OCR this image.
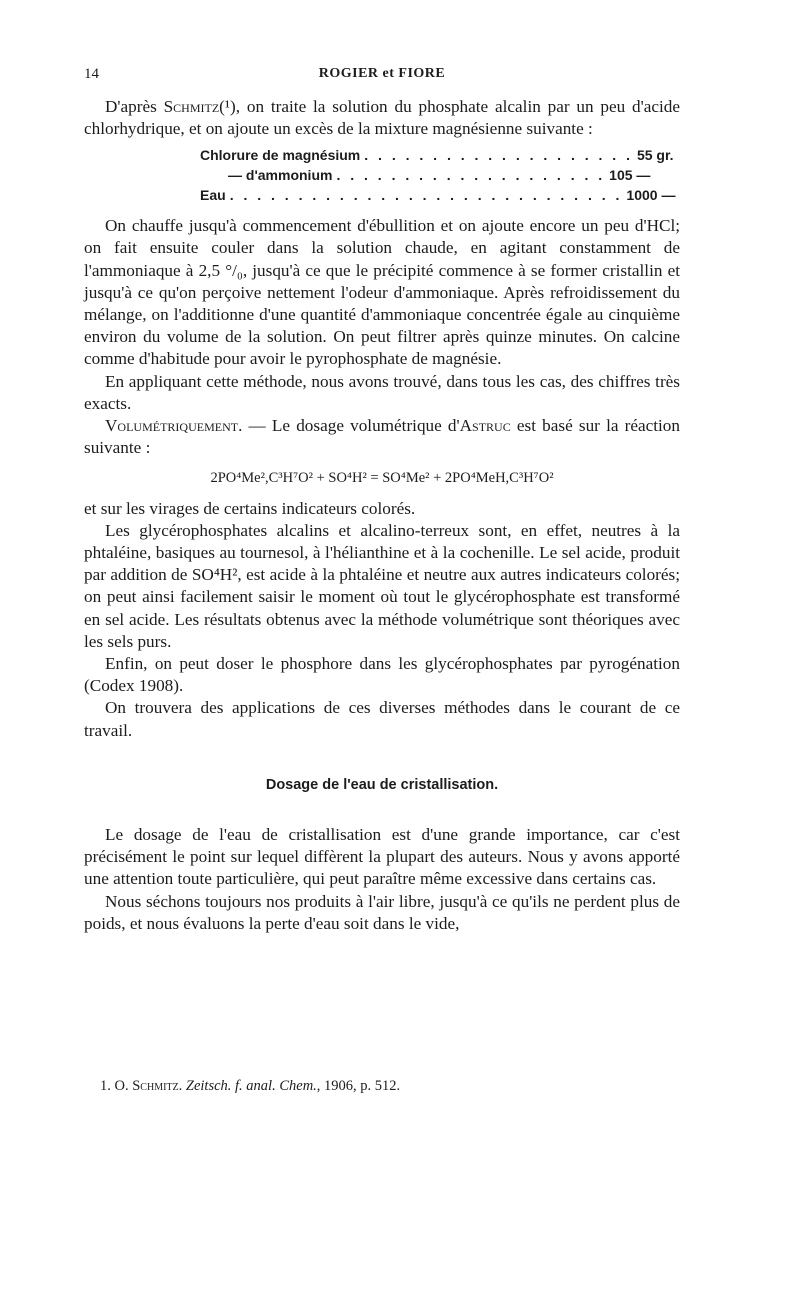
14	ROGIER et FIORE

D'après Schmitz(¹), on traite la solution du phosphate alcalin par un peu d'acide chlorhydrique, et on ajoute un excès de la mixture magnésienne suivante :

Chlorure de magnésium . . . . . . . . . . . . . . . . . . . . 55 gr.
— d'ammonium . . . . . . . . . . . . . . . . . . . . 105 —
Eau . . . . . . . . . . . . . . . . . . . . . . . . . . . . . 1000 —

On chauffe jusqu'à commencement d'ébullition et on ajoute encore un peu d'HCl; on fait ensuite couler dans la solution chaude, en agitant constamment de l'ammoniaque à 2,5 °/₀, jusqu'à ce que le précipité commence à se former cristallin et jusqu'à ce qu'on perçoive nettement l'odeur d'ammoniaque. Après refroidissement du mélange, on l'additionne d'une quantité d'ammoniaque concentrée égale au cinquième environ du volume de la solution. On peut filtrer après quinze minutes. On calcine comme d'habitude pour avoir le pyrophosphate de magnésie.

En appliquant cette méthode, nous avons trouvé, dans tous les cas, des chiffres très exacts.

Volumétriquement. — Le dosage volumétrique d'Astruc est basé sur la réaction suivante :

2PO⁴Me²,C³H⁷O² + SO⁴H² = SO⁴Me² + 2PO⁴MeH,C³H⁷O²

et sur les virages de certains indicateurs colorés.

Les glycérophosphates alcalins et alcalino-terreux sont, en effet, neutres à la phtaléine, basiques au tournesol, à l'hélianthine et à la cochenille. Le sel acide, produit par addition de SO⁴H², est acide à la phtaléine et neutre aux autres indicateurs colorés; on peut ainsi facilement saisir le moment où tout le glycérophosphate est transformé en sel acide. Les résultats obtenus avec la méthode volumétrique sont théoriques avec les sels purs.

Enfin, on peut doser le phosphore dans les glycérophosphates par pyrogénation (Codex 1908).

On trouvera des applications de ces diverses méthodes dans le courant de ce travail.

Dosage de l'eau de cristallisation.

Le dosage de l'eau de cristallisation est d'une grande importance, car c'est précisément le point sur lequel diffèrent la plupart des auteurs. Nous y avons apporté une attention toute particulière, qui peut paraître même excessive dans certains cas.

Nous séchons toujours nos produits à l'air libre, jusqu'à ce qu'ils ne perdent plus de poids, et nous évaluons la perte d'eau soit dans le vide,

1. O. Schmitz. Zeitsch. f. anal. Chem., 1906, p. 512.
